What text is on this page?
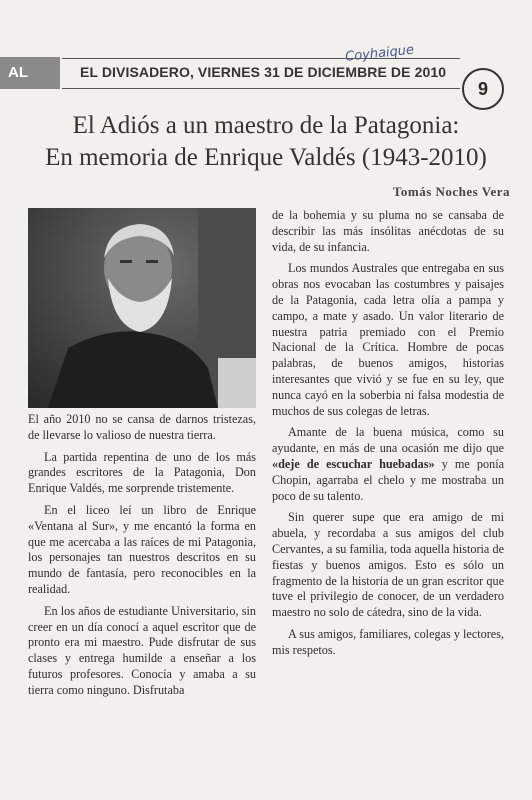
AL	EL DIVISADERO, VIERNES 31 DE DICIEMBRE DE 2010
9
Coyhaique
El Adiós a un maestro de la Patagonia:
En memoria de Enrique Valdés (1943-2010)
Tomás Noches Vera

El año 2010 no se cansa de darnos tristezas, de llevarse lo valioso de nuestra tierra.

La partida repentina de uno de los más grandes escritores de la Patagonia, Don Enrique Valdés, me sorprende tristemente.

En el liceo leí un libro de Enrique «Ventana al Sur», y me encantó la forma en que me acercaba a las raíces de mi Patagonia, los personajes tan nuestros descritos en su mundo de fantasía, pero reconocibles en la realidad.

En los años de estudiante Universitario, sin creer en un día conocí a aquel escritor que de pronto era mi maestro. Pude disfrutar de sus clases y entrega humilde a enseñar a los futuros profesores. Conocía y amaba a su tierra como ninguno. Disfrutaba

de la bohemia y su pluma no se cansaba de describir las más insólitas anécdotas de su vida, de su infancia.

Los mundos Australes que entregaba en sus obras nos evocaban las costumbres y paisajes de la Patagonia, cada letra olía a pampa y campo, a mate y asado. Un valor literario de nuestra patria premiado con el Premio Nacional de la Crítica. Hombre de pocas palabras, de buenos amigos, historias interesantes que vivió y se fue en su ley, que nunca cayó en la soberbia ni falsa modestia de muchos de sus colegas de letras.

Amante de la buena música, como su ayudante, en más de una ocasión me dijo que «deje de escuchar huebadas» y me ponía Chopin, agarraba el chelo y me mostraba un poco de su talento.

Sin querer supe que era amigo de mi abuela, y recordaba a sus amigos del club Cervantes, a su familia, toda aquella historia de fiestas y buenos amigos. Esto es sólo un fragmento de la historia de un gran escritor que tuve el privilegio de conocer, de un verdadero maestro no solo de cátedra, sino de la vida.

A sus amigos, familiares, colegas y lectores, mis respetos.
